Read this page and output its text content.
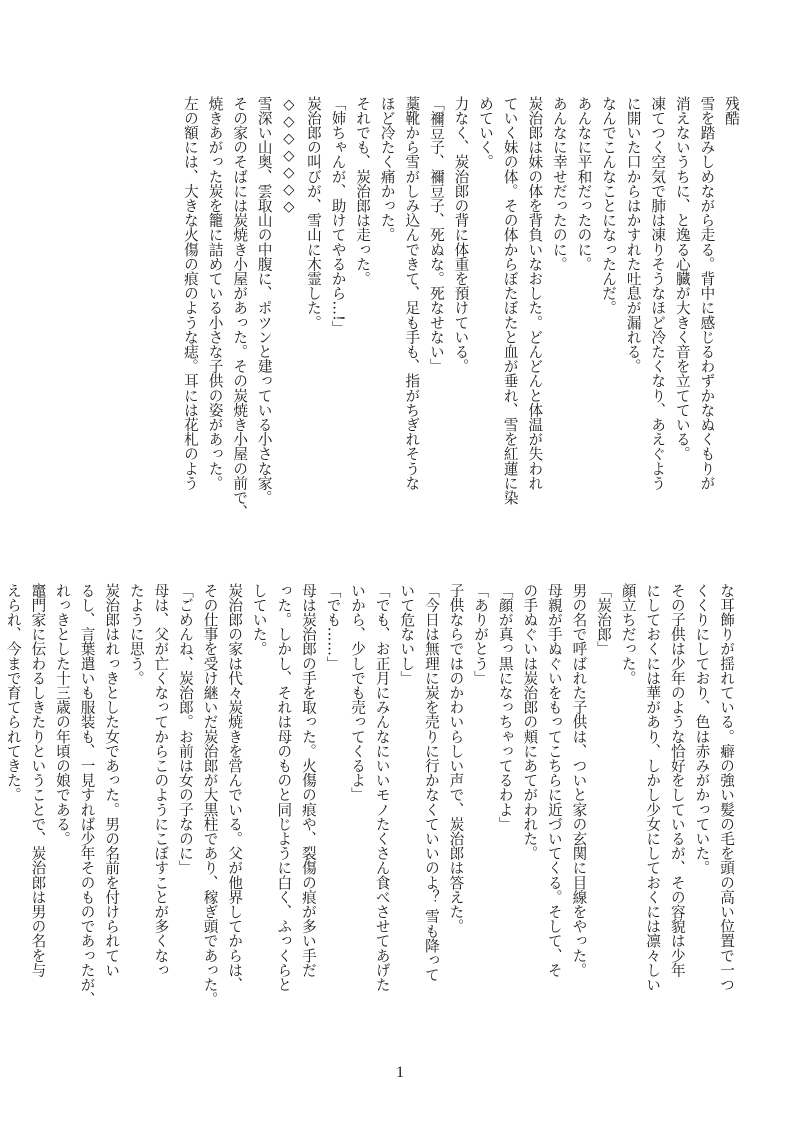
残酷
雪を踏みしめながら走る。背中に感じるわずかなぬくもりが
消えないうちに、と逸る心臓が大きく音を立てている。
凍てつく空気で肺は凍りそうなほど冷たくなり、あえぐよう
に開いた口からはかすれた吐息が漏れる。
なんでこんなことになったんだ。
あんなに平和だったのに。
あんなに幸せだったのに。
炭治郎は妹の体を背負いなおした。どんどんと体温が失われ
ていく妹の体。その体からぼたぼたと血が垂れ、雪を紅蓮に染
めていく。
力なく、炭治郎の背に体重を預けている。
「禰豆子、禰豆子、死ぬな。死なせない」
藁靴から雪がしみ込んできて、足も手も、指がちぎれそうな
ほど冷たく痛かった。
それでも、炭治郎は走った。
「姉ちゃんが、助けてやるから…!」
炭治郎の叫びが、雪山に木霊した。
◇◇◇◇◇◇◇
雪深い山奥、雲取山の中腹に、ポツンと建っている小さな家。
その家のそばには炭焼き小屋があった。その炭焼き小屋の前で、
焼きあがった炭を籠に詰めている小さな子供の姿があった。
左の額には、大きな火傷の痕のような痣。耳には花札のよう
な耳飾りが揺れている。癖の強い髪の毛を頭の高い位置で一つ
くくりにしており、色は赤みがかっていた。
その子供は少年のような恰好をしているが、その容貌は少年
にしておくには華があり、しかし少女にしておくには凛々しい
顔立ちだった。
「炭治郎」
男の名で呼ばれた子供は、ついと家の玄関に目線をやった。
母親が手ぬぐいをもってこちらに近づいてくる。そして、そ
の手ぬぐいは炭治郎の頬にあてがわれた。
「顔が真っ黒になっちゃってるわよ」
「ありがとう」
子供ならではのかわいらしい声で、炭治郎は答えた。
「今日は無理に炭を売りに行かなくていいのよ？ 雪も降って
いて危ないし」
「でも、お正月にみんなにいいモノたくさん食べさせてあげた
いから、少しでも売ってくるよ」
「でも……」
母は炭治郎の手を取った。火傷の痕や、裂傷の痕が多い手だ
った。しかし、それは母のものと同じように白く、ふっくらと
していた。
炭治郎の家は代々炭焼きを営んでいる。父が他界してからは、
その仕事を受け継いだ炭治郎が大黒柱であり、稼ぎ頭であった。
「ごめんね、炭治郎。お前は女の子なのに」
母は、父が亡くなってからこのようにこぼすことが多くなっ
たように思う。
炭治郎はれっきとした女であった。男の名前を付けられてい
るし、言葉遣いも服装も、一見すれば少年そのものであったが、
れっきとした十三歳の年頃の娘である。
竈門家に伝わるしきたりということで、炭治郎は男の名を与
えられ、今まで育てられてきた。
1
